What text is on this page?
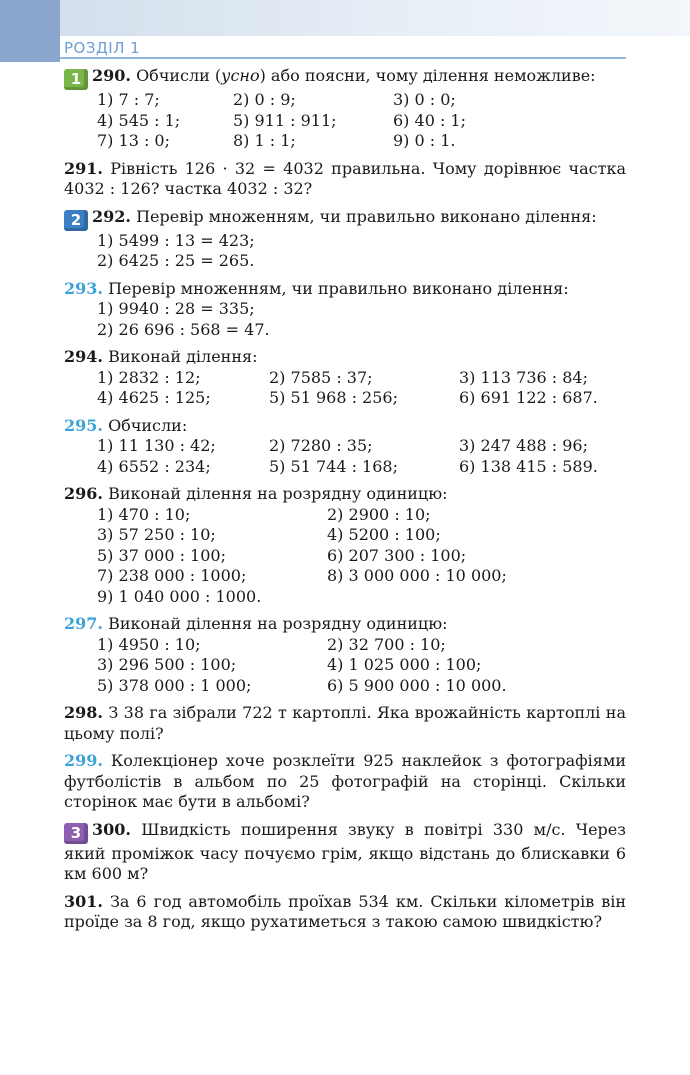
РОЗДІЛ 1
1 290. Обчисли (усно) або поясни, чому ділення неможливе:
1) 7 : 7;	2) 0 : 9;	3) 0 : 0;
4) 545 : 1;	5) 911 : 911;	6) 40 : 1;
7) 13 : 0;	8) 1 : 1;	9) 0 : 1.
291. Рівність 126 · 32 = 4032 правильна. Чому дорівнює частка 4032 : 126? частка 4032 : 32?
2 292. Перевір множенням, чи правильно виконано ділення:
1) 5499 : 13 = 423;
2) 6425 : 25 = 265.
293. Перевір множенням, чи правильно виконано ділення:
1) 9940 : 28 = 335;
2) 26 696 : 568 = 47.
294. Виконай ділення:
1) 2832 : 12;	2) 7585 : 37;	3) 113 736 : 84;
4) 4625 : 125;	5) 51 968 : 256;	6) 691 122 : 687.
295. Обчисли:
1) 11 130 : 42;	2) 7280 : 35;	3) 247 488 : 96;
4) 6552 : 234;	5) 51 744 : 168;	6) 138 415 : 589.
296. Виконай ділення на розрядну одиницю:
1) 470 : 10;	2) 2900 : 10;
3) 57 250 : 10;	4) 5200 : 100;
5) 37 000 : 100;	6) 207 300 : 100;
7) 238 000 : 1000;	8) 3 000 000 : 10 000;
9) 1 040 000 : 1000.
297. Виконай ділення на розрядну одиницю:
1) 4950 : 10;	2) 32 700 : 10;
3) 296 500 : 100;	4) 1 025 000 : 100;
5) 378 000 : 1 000;	6) 5 900 000 : 10 000.
298. З 38 га зібрали 722 т картоплі. Яка врожайність картоплі на цьому полі?
299. Колекціонер хоче розклеїти 925 наклейок з фотографіями футболістів в альбом по 25 фотографій на сторінці. Скільки сторінок має бути в альбомі?
3 300. Швидкість поширення звуку в повітрі 330 м/с. Через який проміжок часу почуємо грім, якщо відстань до блискавки 6 км 600 м?
301. За 6 год автомобіль проїхав 534 км. Скільки кілометрів він проїде за 8 год, якщо рухатиметься з такою самою швидкістю?
